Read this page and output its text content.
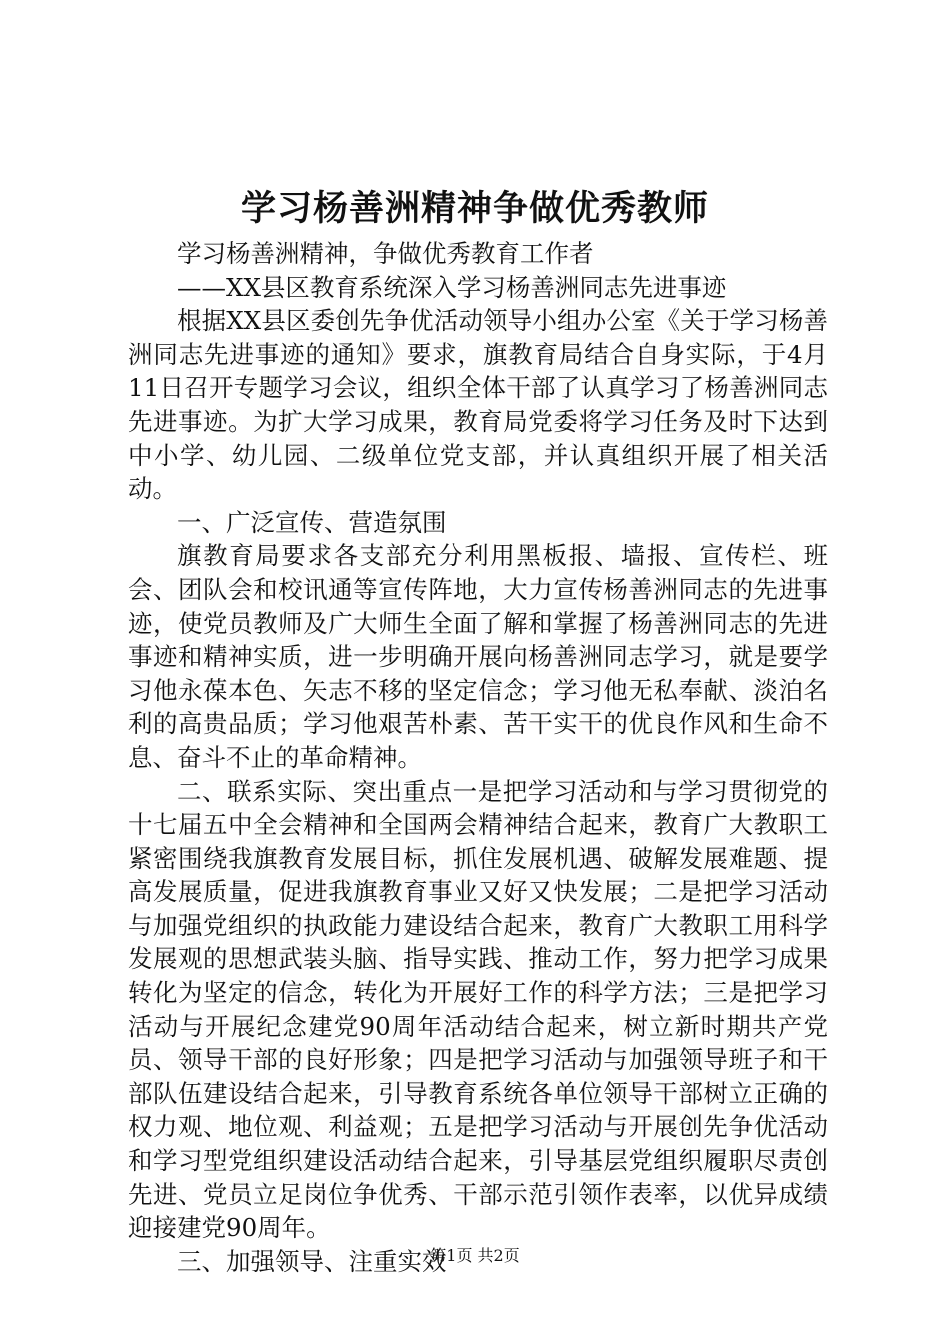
学习杨善洲精神争做优秀教师

学习杨善洲精神，争做优秀教育工作者

——XX县区教育系统深入学习杨善洲同志先进事迹

根据XX县区委创先争优活动领导小组办公室《关于学习杨善洲同志先进事迹的通知》要求，旗教育局结合自身实际，于4月11日召开专题学习会议，组织全体干部了认真学习了杨善洲同志先进事迹。为扩大学习成果，教育局党委将学习任务及时下达到中小学、幼儿园、二级单位党支部，并认真组织开展了相关活动。

一、广泛宣传、营造氛围

旗教育局要求各支部充分利用黑板报、墙报、宣传栏、班会、团队会和校讯通等宣传阵地，大力宣传杨善洲同志的先进事迹，使党员教师及广大师生全面了解和掌握了杨善洲同志的先进事迹和精神实质，进一步明确开展向杨善洲同志学习，就是要学习他永葆本色、矢志不移的坚定信念；学习他无私奉献、淡泊名利的高贵品质；学习他艰苦朴素、苦干实干的优良作风和生命不息、奋斗不止的革命精神。

二、联系实际、突出重点一是把学习活动和与学习贯彻党的十七届五中全会精神和全国两会精神结合起来，教育广大教职工紧密围绕我旗教育发展目标，抓住发展机遇、破解发展难题、提高发展质量，促进我旗教育事业又好又快发展；二是把学习活动与加强党组织的执政能力建设结合起来，教育广大教职工用科学发展观的思想武装头脑、指导实践、推动工作，努力把学习成果转化为坚定的信念，转化为开展好工作的科学方法；三是把学习活动与开展纪念建党90周年活动结合起来，树立新时期共产党员、领导干部的良好形象；四是把学习活动与加强领导班子和干部队伍建设结合起来，引导教育系统各单位领导干部树立正确的权力观、地位观、利益观；五是把学习活动与开展创先争优活动和学习型党组织建设活动结合起来，引导基层党组织履职尽责创先进、党员立足岗位争优秀、干部示范引领作表率，以优异成绩迎接建党90周年。

三、加强领导、注重实效

第1页 共2页
